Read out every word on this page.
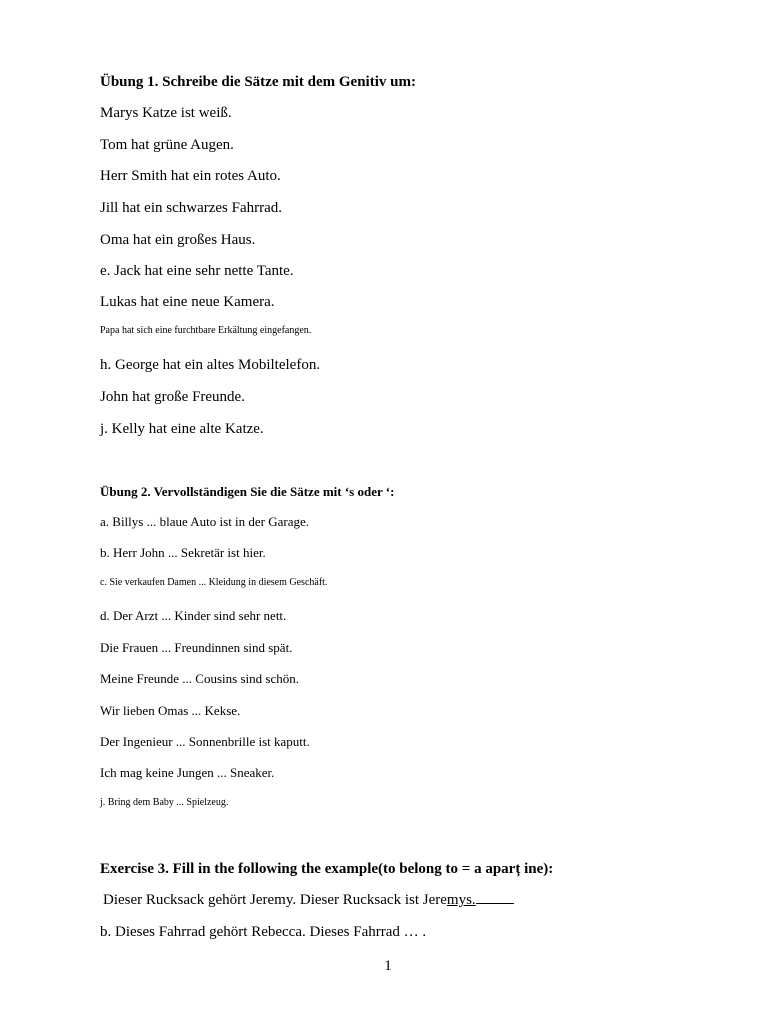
Übung 1. Schreibe die Sätze mit dem Genitiv um:
Marys Katze ist weiß.
Tom hat grüne Augen.
Herr Smith hat ein rotes Auto.
Jill hat ein schwarzes Fahrrad.
Oma hat ein großes Haus.
e. Jack hat eine sehr nette Tante.
Lukas hat eine neue Kamera.
Papa hat sich eine furchtbare Erkältung eingefangen.
h. George hat ein altes Mobiltelefon.
John hat große Freunde.
j. Kelly hat eine alte Katze.
Übung 2. Vervollständigen Sie die Sätze mit ‘s oder ‘:
a. Billys ... blaue Auto ist in der Garage.
b. Herr John ... Sekretär ist hier.
c. Sie verkaufen Damen ... Kleidung in diesem Geschäft.
d. Der Arzt ... Kinder sind sehr nett.
Die Frauen ... Freundinnen sind spät.
Meine Freunde ... Cousins sind schön.
Wir lieben Omas ... Kekse.
Der Ingenieur ... Sonnenbrille ist kaputt.
Ich mag keine Jungen ... Sneaker.
j. Bring dem Baby ... Spielzeug.
Exercise 3. Fill in the following the example(to belong to = a aparț ine):
Dieser Rucksack gehört Jeremy. Dieser Rucksack ist Jeremys.
b. Dieses Fahrrad gehört Rebecca. Dieses Fahrrad … .
1
